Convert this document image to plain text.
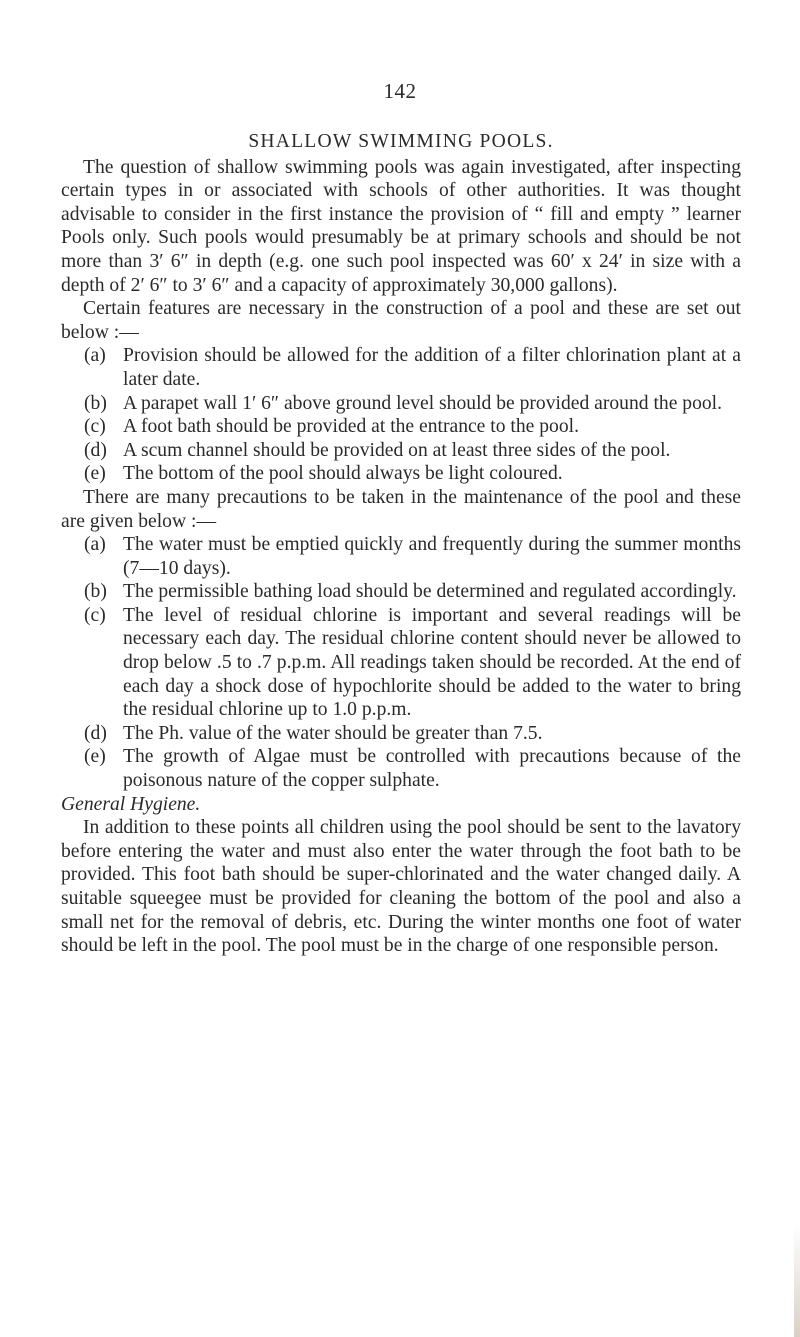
142
SHALLOW SWIMMING POOLS.

The question of shallow swimming pools was again investigated, after inspecting certain types in or associated with schools of other authorities. It was thought advisable to consider in the first instance the provision of “ fill and empty ” learner Pools only. Such pools would presumably be at primary schools and should be not more than 3′ 6″ in depth (e.g. one such pool inspected was 60′ x 24′ in size with a depth of 2′ 6″ to 3′ 6″ and a capacity of approximately 30,000 gallons).

Certain features are necessary in the construction of a pool and these are set out below :—

(a) Provision should be allowed for the addition of a filter chlorination plant at a later date.
(b) A parapet wall 1′ 6″ above ground level should be provided around the pool.
(c) A foot bath should be provided at the entrance to the pool.
(d) A scum channel should be provided on at least three sides of the pool.
(e) The bottom of the pool should always be light coloured.

There are many precautions to be taken in the maintenance of the pool and these are given below :—

(a) The water must be emptied quickly and frequently during the summer months (7—10 days).
(b) The permissible bathing load should be determined and regulated accordingly.
(c) The level of residual chlorine is important and several readings will be necessary each day. The residual chlorine content should never be allowed to drop below .5 to .7 p.p.m. All readings taken should be recorded. At the end of each day a shock dose of hypochlorite should be added to the water to bring the residual chlorine up to 1.0 p.p.m.
(d) The Ph. value of the water should be greater than 7.5.
(e) The growth of Algae must be controlled with precautions because of the poisonous nature of the copper sulphate.

General Hygiene.

In addition to these points all children using the pool should be sent to the lavatory before entering the water and must also enter the water through the foot bath to be provided. This foot bath should be super-chlorinated and the water changed daily. A suitable squeegee must be provided for cleaning the bottom of the pool and also a small net for the removal of debris, etc. During the winter months one foot of water should be left in the pool. The pool must be in the charge of one responsible person.
